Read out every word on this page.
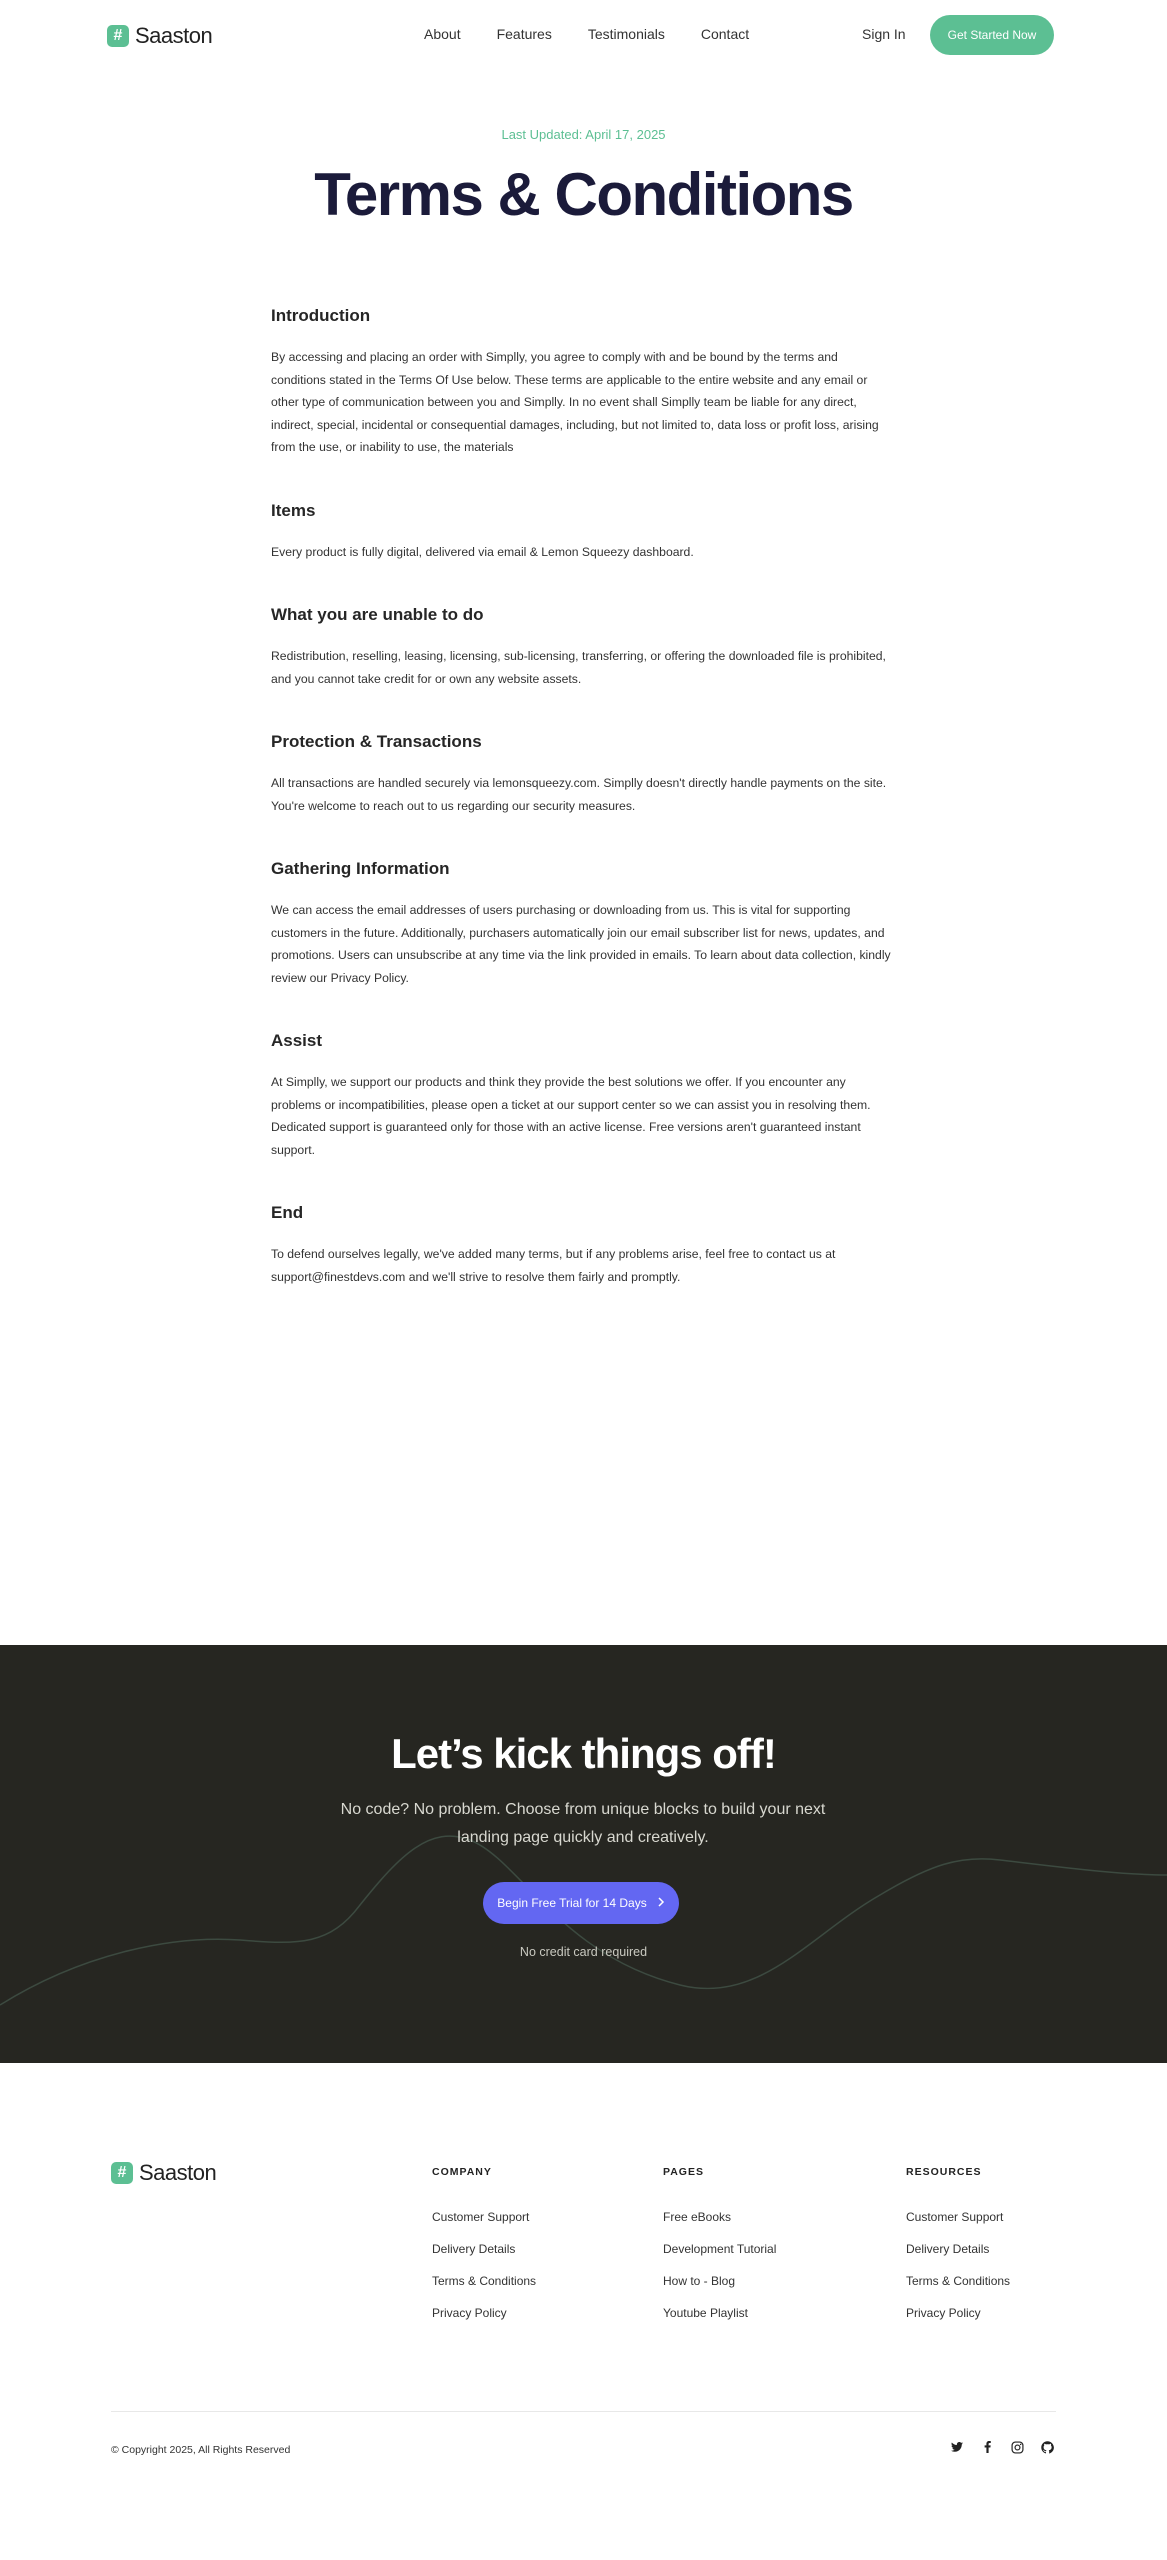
# Saaston	About	Features	Testimonials	Contact	Sign In	Get Started Now
Last Updated: April 17, 2025
Terms & Conditions
Introduction

By accessing and placing an order with Simplly, you agree to comply with and be bound by the terms and conditions stated in the Terms Of Use below. These terms are applicable to the entire website and any email or other type of communication between you and Simplly. In no event shall Simplly team be liable for any direct, indirect, special, incidental or consequential damages, including, but not limited to, data loss or profit loss, arising from the use, or inability to use, the materials

Items

Every product is fully digital, delivered via email & Lemon Squeezy dashboard.

What you are unable to do

Redistribution, reselling, leasing, licensing, sub-licensing, transferring, or offering the downloaded file is prohibited, and you cannot take credit for or own any website assets.

Protection & Transactions

All transactions are handled securely via lemonsqueezy.com. Simplly doesn't directly handle payments on the site. You're welcome to reach out to us regarding our security measures.

Gathering Information

We can access the email addresses of users purchasing or downloading from us. This is vital for supporting customers in the future. Additionally, purchasers automatically join our email subscriber list for news, updates, and promotions. Users can unsubscribe at any time via the link provided in emails. To learn about data collection, kindly review our Privacy Policy.

Assist

At Simplly, we support our products and think they provide the best solutions we offer. If you encounter any problems or incompatibilities, please open a ticket at our support center so we can assist you in resolving them. Dedicated support is guaranteed only for those with an active license. Free versions aren't guaranteed instant support.

End

To defend ourselves legally, we've added many terms, but if any problems arise, feel free to contact us at support@finestdevs.com and we'll strive to resolve them fairly and promptly.

Let’s kick things off!

No code? No problem. Choose from unique blocks to build your next landing page quickly and creatively.

Begin Free Trial for 14 Days
No credit card required
# Saaston	COMPANY
Customer Support
Delivery Details
Terms & Conditions
Privacy Policy
PAGES
Free eBooks
Development Tutorial
How to - Blog
Youtube Playlist
RESOURCES
Customer Support
Delivery Details
Terms & Conditions
Privacy Policy
© Copyright 2025, All Rights Reserved
